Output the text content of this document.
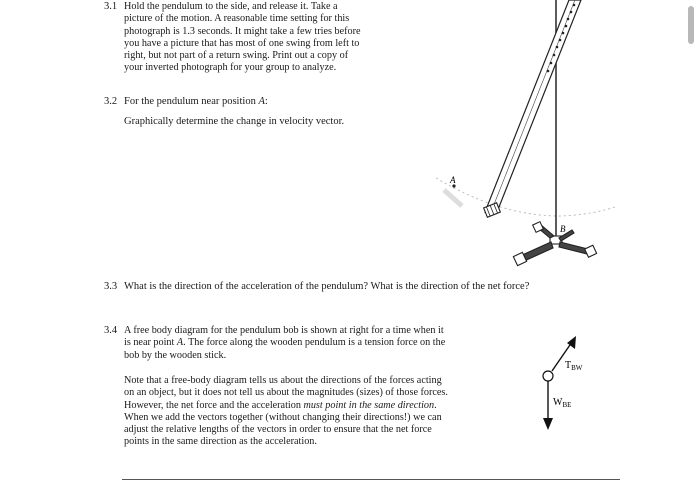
3.1 Hold the pendulum to the side, and release it. Take a
picture of the motion. A reasonable time setting for this
photograph is 1.3 seconds. It might take a few tries before
you have a picture that has most of one swing from left to
right, but not part of a return swing. Print out a copy of
your inverted photograph for your group to analyze.
3.2 For the pendulum near position A:
Graphically determine the change in velocity vector.
A
B
3.3 What is the direction of the acceleration of the pendulum? What is the direction of the net force?
3.4 A free body diagram for the pendulum bob is shown at right for a time when it
is near point A. The force along the wooden pendulum is a tension force on the
bob by the wooden stick.
Note that a free-body diagram tells us about the directions of the forces acting
on an object, but it does not tell us about the magnitudes (sizes) of those forces.
However, the net force and the acceleration must point in the same direction.
When we add the vectors together (without changing their directions!) we can
adjust the relative lengths of the vectors in order to ensure that the net force
points in the same direction as the acceleration.
$T_{BW}$
$W_{BE}$
